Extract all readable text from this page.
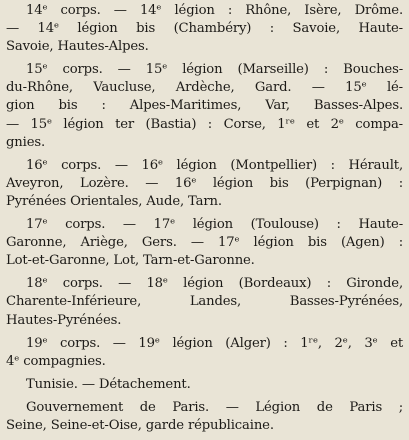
14ᵉ corps. — 14ᵉ légion : Rhône, Isère, Drôme.
— 14ᵉ légion bis (Chambéry) : Savoie, Haute-
Savoie, Hautes-Alpes.
15ᵉ corps. — 15ᵉ légion (Marseille) : Bouches-
du-Rhône, Vaucluse, Ardèche, Gard. — 15ᵉ lé-
gion bis : Alpes-Maritimes, Var, Basses-Alpes.
— 15ᵉ légion ter (Bastia) : Corse, 1ʳᵉ et 2ᵉ compa-
gnies.
16ᵉ corps. — 16ᵉ légion (Montpellier) : Hérault,
Aveyron, Lozère. — 16ᵉ légion bis (Perpignan) :
Pyrénées Orientales, Aude, Tarn.
17ᵉ corps. — 17ᵉ légion (Toulouse) : Haute-
Garonne, Ariège, Gers. — 17ᵉ légion bis (Agen) :
Lot-et-Garonne, Lot, Tarn-et-Garonne.
18ᵉ corps. — 18ᵉ légion (Bordeaux) : Gironde,
Charente-Inférieure, Landes, Basses-Pyrénées,
Hautes-Pyrénées.
19ᵉ corps. — 19ᵉ légion (Alger) : 1ʳᵉ, 2ᵉ, 3ᵉ et
4ᵉ compagnies.
Tunisie. — Détachement.
Gouvernement de Paris. — Légion de Paris ;
Seine, Seine-et-Oise, garde républicaine.
